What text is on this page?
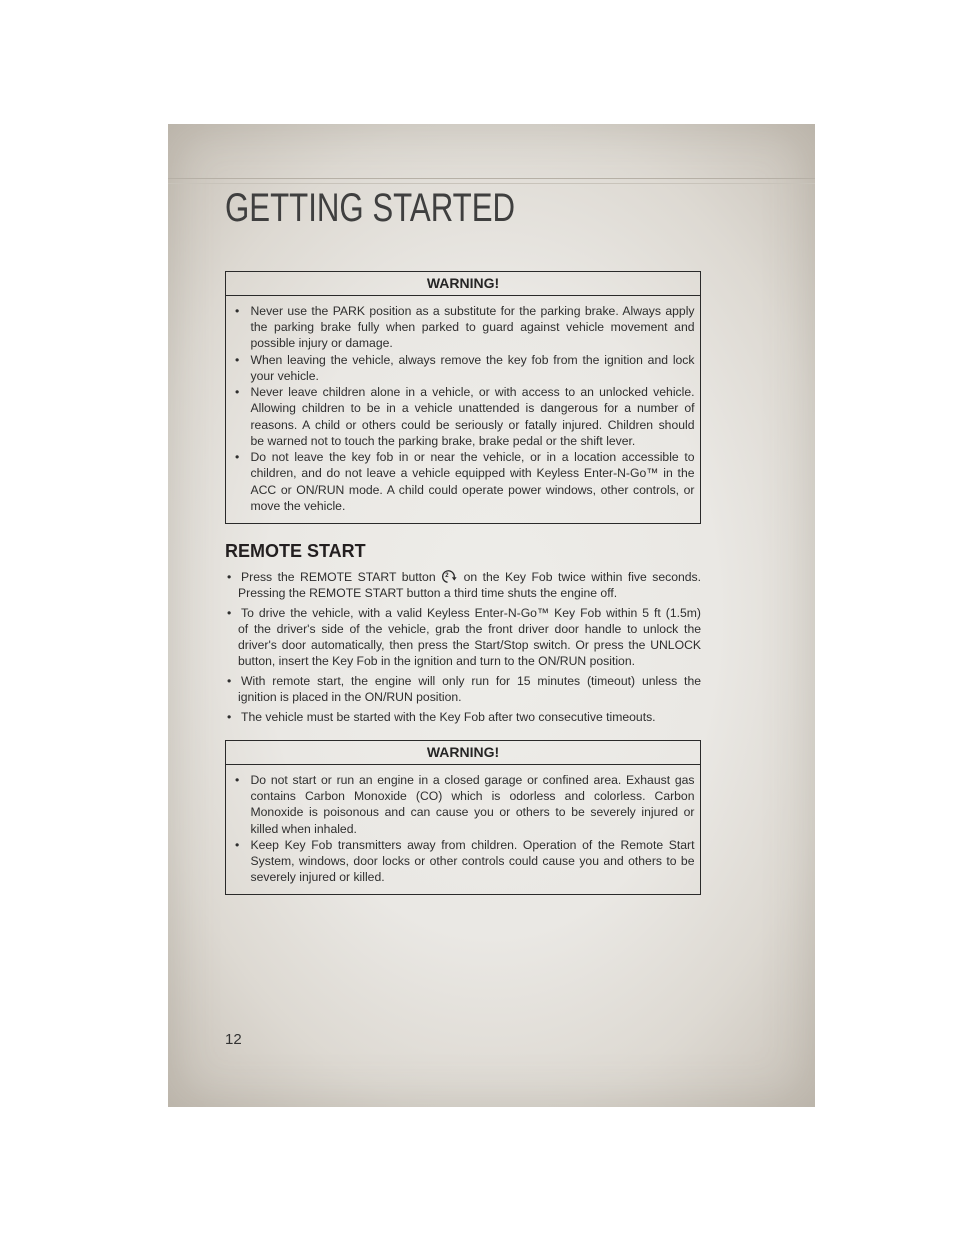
GETTING STARTED
WARNING!
• Never use the PARK position as a substitute for the parking brake. Always apply
the parking brake fully when parked to guard against vehicle movement and
possible injury or damage.
• When leaving the vehicle, always remove the key fob from the ignition and lock
your vehicle.
• Never leave children alone in a vehicle, or with access to an unlocked vehicle.
Allowing children to be in a vehicle unattended is dangerous for a number of
reasons. A child or others could be seriously or fatally injured. Children should
be warned not to touch the parking brake, brake pedal or the shift lever.
• Do not leave the key fob in or near the vehicle, or in a location accessible to
children, and do not leave a vehicle equipped with Keyless Enter-N-Go™ in the
ACC or ON/RUN mode. A child could operate power windows, other controls, or
move the vehicle.
REMOTE START
• Press the REMOTE START button 2 on the Key Fob twice within five seconds.
Pressing the REMOTE START button a third time shuts the engine off.
• To drive the vehicle, with a valid Keyless Enter-N-Go™ Key Fob within 5 ft (1.5m)
of the driver's side of the vehicle, grab the front driver door handle to unlock the
driver's door automatically, then press the Start/Stop switch. Or press the UNLOCK
button, insert the Key Fob in the ignition and turn to the ON/RUN position.
• With remote start, the engine will only run for 15 minutes (timeout) unless the
ignition is placed in the ON/RUN position.
• The vehicle must be started with the Key Fob after two consecutive timeouts.
WARNING!
• Do not start or run an engine in a closed garage or confined area. Exhaust gas
contains Carbon Monoxide (CO) which is odorless and colorless. Carbon
Monoxide is poisonous and can cause you or others to be severely injured or
killed when inhaled.
• Keep Key Fob transmitters away from children. Operation of the Remote Start
System, windows, door locks or other controls could cause you and others to be
severely injured or killed.
12
